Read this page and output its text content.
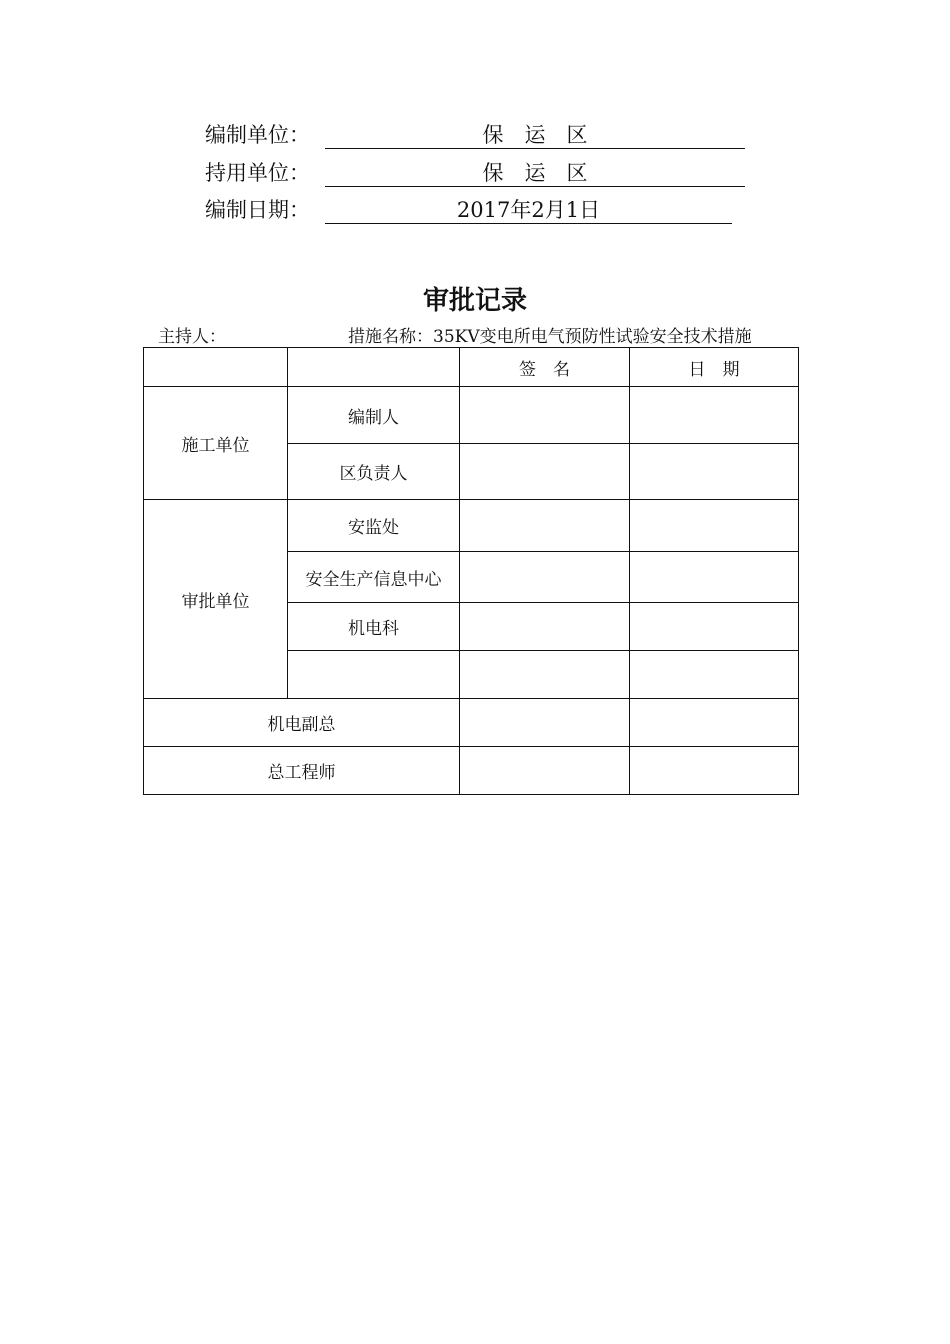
编制单位：	保　运　区
持用单位：	保　运　区
编制日期：	2017年2月1日
审批记录
主持人：	措施名称：35KV变电所电气预防性试验安全技术措施
		签　名	日　期
施工单位	编制人		
	区负责人		
审批单位	安监处		
	安全生产信息中心		
	机电科		

机电副总			
总工程师			
